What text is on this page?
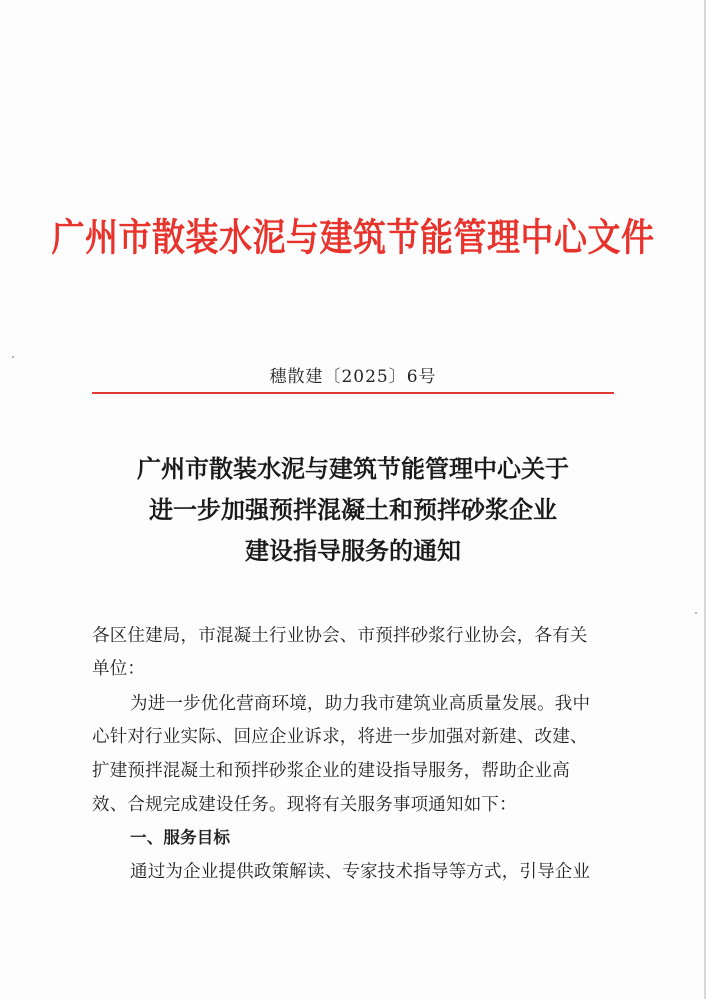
广州市散装水泥与建筑节能管理中心文件
穗散建〔2025〕6号
广州市散装水泥与建筑节能管理中心关于
进一步加强预拌混凝土和预拌砂浆企业
建设指导服务的通知
各区住建局，市混凝土行业协会、市预拌砂浆行业协会，各有关
单位：
为进一步优化营商环境，助力我市建筑业高质量发展。我中
心针对行业实际、回应企业诉求，将进一步加强对新建、改建、
扩建预拌混凝土和预拌砂浆企业的建设指导服务，帮助企业高
效、合规完成建设任务。现将有关服务事项通知如下：
一、服务目标
通过为企业提供政策解读、专家技术指导等方式，引导企业
